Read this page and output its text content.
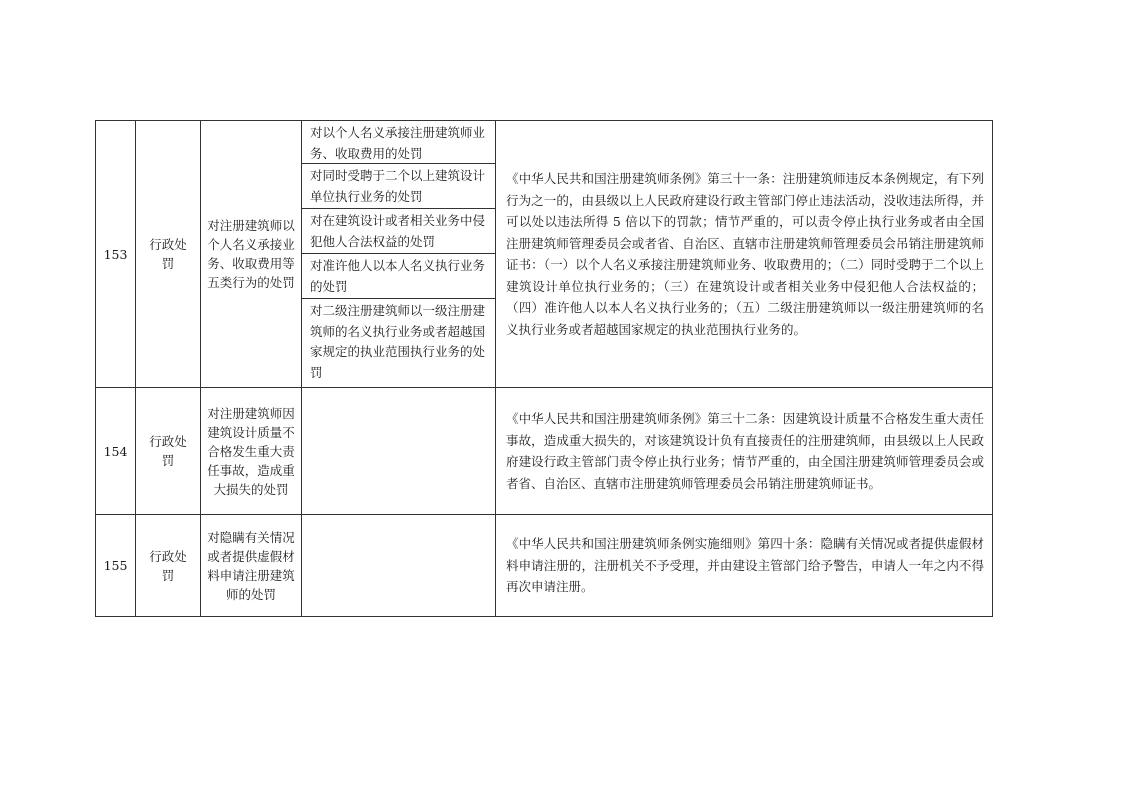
153
行政处罚
对注册建筑师以个人名义承接业务、收取费用等五类行为的处罚
对以个人名义承接注册建筑师业务、收取费用的处罚
对同时受聘于二个以上建筑设计单位执行业务的处罚
对在建筑设计或者相关业务中侵犯他人合法权益的处罚
对准许他人以本人名义执行业务的处罚
对二级注册建筑师以一级注册建筑师的名义执行业务或者超越国家规定的执业范围执行业务的处罚
《中华人民共和国注册建筑师条例》第三十一条：注册建筑师违反本条例规定，有下列行为之一的，由县级以上人民政府建设行政主管部门停止违法活动，没收违法所得，并可以处以违法所得 5 倍以下的罚款；情节严重的，可以责令停止执行业务或者由全国注册建筑师管理委员会或者省、自治区、直辖市注册建筑师管理委员会吊销注册建筑师证书：（一）以个人名义承接注册建筑师业务、收取费用的；（二）同时受聘于二个以上建筑设计单位执行业务的；（三）在建筑设计或者相关业务中侵犯他人合法权益的；（四）准许他人以本人名义执行业务的；（五）二级注册建筑师以一级注册建筑师的名义执行业务或者超越国家规定的执业范围执行业务的。
154
行政处罚
对注册建筑师因建筑设计质量不合格发生重大责任事故，造成重大损失的处罚
《中华人民共和国注册建筑师条例》第三十二条：因建筑设计质量不合格发生重大责任事故，造成重大损失的，对该建筑设计负有直接责任的注册建筑师，由县级以上人民政府建设行政主管部门责令停止执行业务；情节严重的，由全国注册建筑师管理委员会或者省、自治区、直辖市注册建筑师管理委员会吊销注册建筑师证书。
155
行政处罚
对隐瞒有关情况或者提供虚假材料申请注册建筑师的处罚
《中华人民共和国注册建筑师条例实施细则》第四十条：隐瞒有关情况或者提供虚假材料申请注册的，注册机关不予受理，并由建设主管部门给予警告，申请人一年之内不得再次申请注册。
